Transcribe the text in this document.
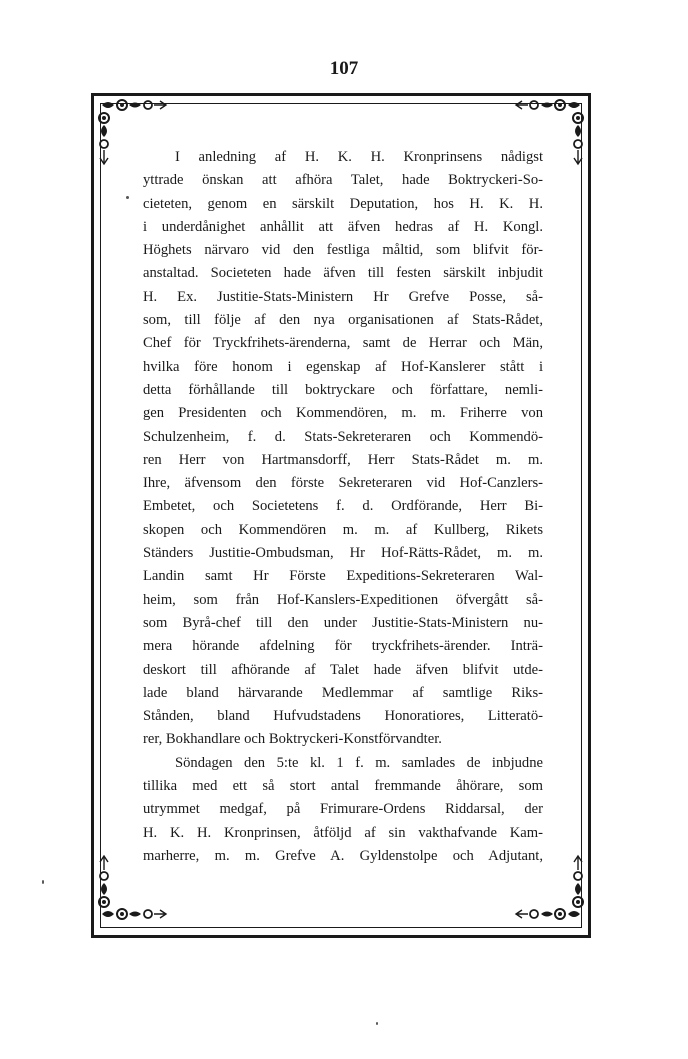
107
I anledning af H. K. H. Kronprinsens nådigst
yttrade önskan att afhöra Talet, hade Boktryckeri-So-
cieteten, genom en särskilt Deputation, hos H. K. H.
i underdånighet anhållit att äfven hedras af H. Kongl.
Höghets närvaro vid den festliga måltid, som blifvit för-
anstaltad. Societeten hade äfven till festen särskilt inbjudit
H. Ex. Justitie-Stats-Ministern Hr Grefve Posse, så-
som, till följe af den nya organisationen af Stats-Rådet,
Chef för Tryckfrihets-ärenderna, samt de Herrar och Män,
hvilka före honom i egenskap af Hof-Kanslerer stått i
detta förhållande till boktryckare och författare, nemli-
gen Presidenten och Kommendören, m. m. Friherre von
Schulzenheim, f. d. Stats-Sekreteraren och Kommendö-
ren Herr von Hartmansdorff, Herr Stats-Rådet m. m.
Ihre, äfvensom den förste Sekreteraren vid Hof-Canzlers-
Embetet, och Societetens f. d. Ordförande, Herr Bi-
skopen och Kommendören m. m. af Kullberg, Rikets
Ständers Justitie-Ombudsman, Hr Hof-Rätts-Rådet, m. m.
Landin samt Hr Förste Expeditions-Sekreteraren Wal-
heim, som från Hof-Kanslers-Expeditionen öfvergått så-
som Byrå-chef till den under Justitie-Stats-Ministern nu-
mera hörande afdelning för tryckfrihets-ärender. Inträ-
deskort till afhörande af Talet hade äfven blifvit utde-
lade bland härvarande Medlemmar af samtlige Riks-
Stånden, bland Hufvudstadens Honoratiores, Litteratö-
rer, Bokhandlare och Boktryckeri-Konstförvandter.
Söndagen den 5:te kl. 1 f. m. samlades de inbjudne
tillika med ett så stort antal fremmande åhörare, som
utrymmet medgaf, på Frimurare-Ordens Riddarsal, der
H. K. H. Kronprinsen, åtföljd af sin vakthafvande Kam-
marherre, m. m. Grefve A. Gyldenstolpe och Adjutant,
